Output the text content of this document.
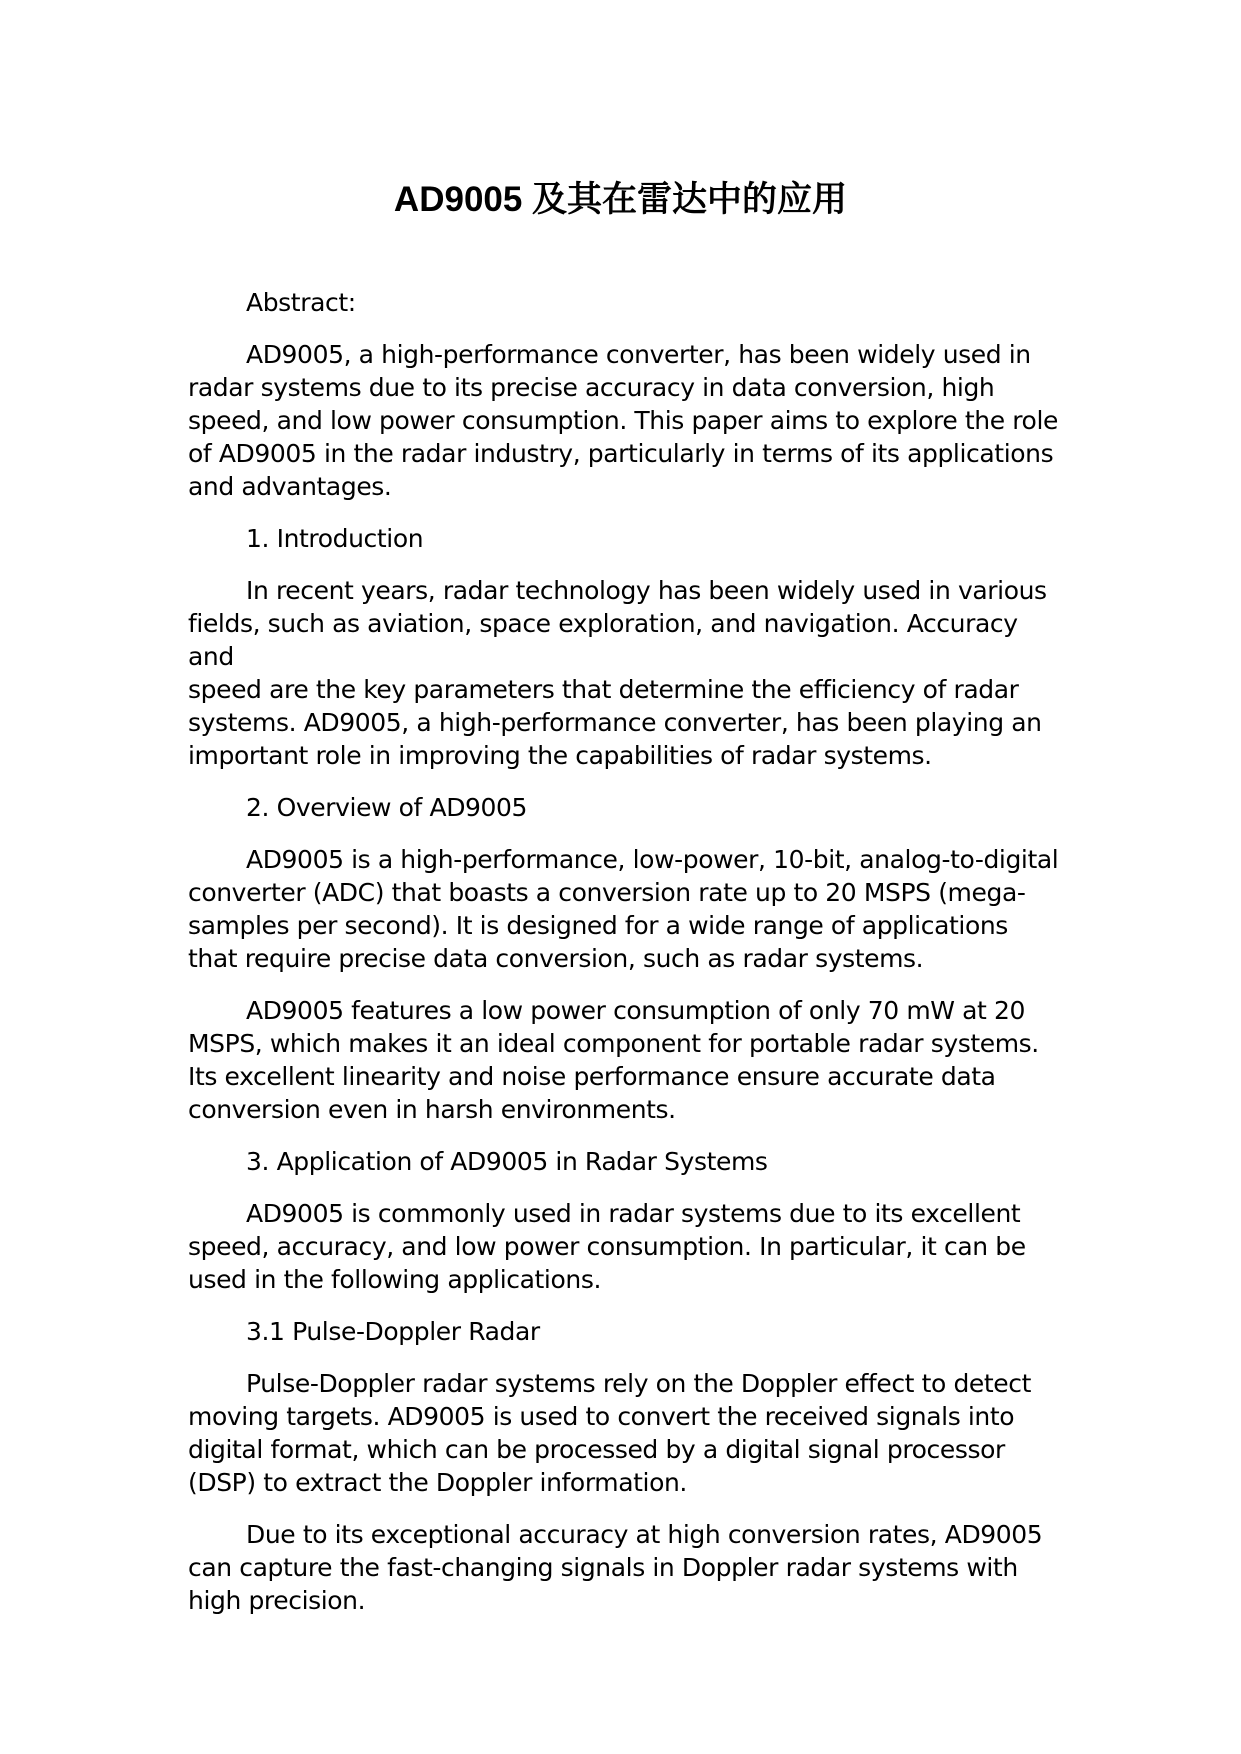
AD9005 及其在雷达中的应用

Abstract:

AD9005, a high-performance converter, has been widely used in
radar systems due to its precise accuracy in data conversion, high
speed, and low power consumption. This paper aims to explore the role
of AD9005 in the radar industry, particularly in terms of its applications
and advantages.

1. Introduction

In recent years, radar technology has been widely used in various
fields, such as aviation, space exploration, and navigation. Accuracy and
speed are the key parameters that determine the efficiency of radar
systems. AD9005, a high-performance converter, has been playing an
important role in improving the capabilities of radar systems.

2. Overview of AD9005

AD9005 is a high-performance, low-power, 10-bit, analog-to-digital
converter (ADC) that boasts a conversion rate up to 20 MSPS (mega-
samples per second). It is designed for a wide range of applications
that require precise data conversion, such as radar systems.

AD9005 features a low power consumption of only 70 mW at 20
MSPS, which makes it an ideal component for portable radar systems.
Its excellent linearity and noise performance ensure accurate data
conversion even in harsh environments.

3. Application of AD9005 in Radar Systems

AD9005 is commonly used in radar systems due to its excellent
speed, accuracy, and low power consumption. In particular, it can be
used in the following applications.

3.1 Pulse-Doppler Radar

Pulse-Doppler radar systems rely on the Doppler effect to detect
moving targets. AD9005 is used to convert the received signals into
digital format, which can be processed by a digital signal processor
(DSP) to extract the Doppler information.

Due to its exceptional accuracy at high conversion rates, AD9005
can capture the fast-changing signals in Doppler radar systems with
high precision.
